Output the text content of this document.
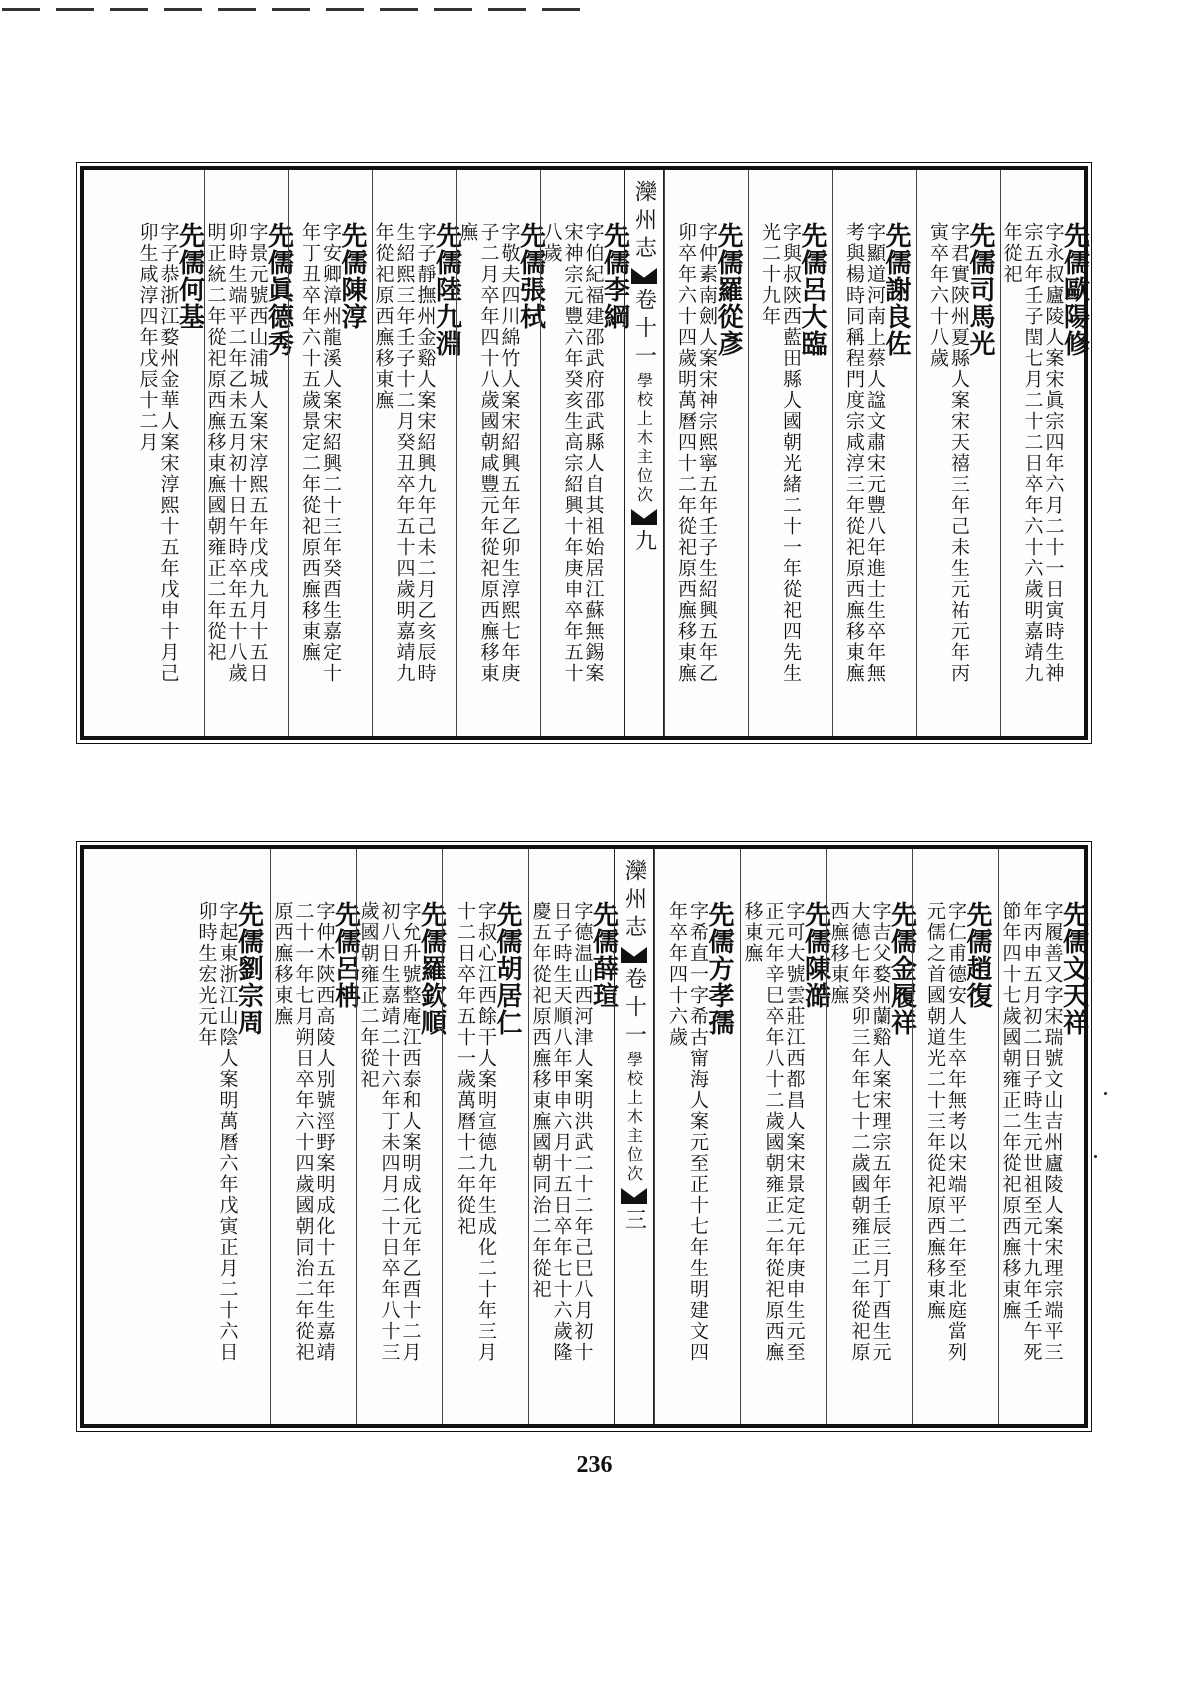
先儒歐陽修
字永叔廬陵人案宋眞宗四年六月二十一日寅時生神宗五年壬子閏七月二十二日卒年六十六歲明嘉靖九年從祀
先儒司馬光
字君實陝州夏縣人案宋天禧三年己未生元祐元年丙寅卒年六十八歲
先儒謝良佐
字顯道河南上蔡人諡文肅宋元豐八年進士生卒年無考與楊時同稱程門度宗咸淳三年從祀原西廡移東廡
先儒呂大臨
字與叔陝西藍田縣人國朝光緒二十一年從祀四先生光二十九年
先儒羅從彥
字仲素南劍人案宋神宗熙寧五年壬子生紹興五年乙卯卒年六十四歲明萬曆四十二年從祀原西廡移東廡
灤州志
卷十一
學校上
木主位次
九
先儒李綱
字伯紀福建邵武府邵武縣人自其祖始居江蘇無錫案宋神宗元豐六年癸亥生高宗紹興十年庚申卒年五十八歲
先儒張栻
字敬夫四川綿竹人案宋紹興五年乙卯生淳熙七年庚子二月卒年四十八歲國朝咸豐元年從祀原西廡移東廡
先儒陸九淵
字子靜撫州金谿人案宋紹興九年己未二月乙亥辰時生紹熙三年壬子十二月癸丑卒年五十四歲明嘉靖九年從祀原西廡移東廡
先儒陳淳
字安卿漳州龍溪人案宋紹興二十三年癸酉生嘉定十年丁丑卒年六十五歲景定二年從祀原西廡移東廡
先儒眞德秀
字景元號西山浦城人案宋淳熙五年戊戌九月十五日卯時生端平二年乙未五月初十日午時卒年五十八歲明正統二年從祀原西廡移東廡國朝雍正二年從祀
先儒何基
字子恭浙江婺州金華人案宋淳熙十五年戊申十月己卯生咸淳四年戊辰十二月
先儒文天祥
字履善又字宋瑞號文山吉州廬陵人案宋理宗端平三年丙申五月初二日子時生元世祖至元十九年壬午死節年四十七歲國朝雍正二年從祀原西廡移東廡
先儒趙復
字仁甫德安人生卒年無考以宋端平二年至北庭當列元儒之首國朝道光二十三年從祀原西廡移東廡
先儒金履祥
字吉父婺州蘭谿人案宋理宗五年壬辰三月丁酉生元大德七年癸卯三年年七十二歲國朝雍正二年從祀原西廡移東廡
先儒陳澔
字可大號雲莊江西都昌人案宋景定元年庚申生元至正元年辛巳卒年八十二歲國朝雍正二年從祀原西廡移東廡
先儒方孝孺
字希直一字希古甯海人案元至正十七年生明建文四年卒年四十六歲
灤州志
卷十一
學校上
木主位次
三
先儒薛瑄
字德温山西河津人案明洪武二十二年己巳八月初十日子時生天順八年甲申六月十五日卒年七十六歲隆慶五年從祀原西廡移東廡國朝同治二年從祀
先儒胡居仁
字叔心江西餘干人案明宣德九年生成化二十年三月十二日卒年五十一歲萬曆十二年從祀
先儒羅欽順
字允升號整庵江西泰和人案明成化元年乙酉十二月初八日生嘉靖二十六年丁未四月二十日卒年八十三歲國朝雍正二年從祀
先儒呂柟
字仲木陝西高陵人別號涇野案明成化十五年生嘉靖二十一年七月朔日卒年六十四歲國朝同治二年從祀原西廡移東廡
先儒劉宗周
字起東浙江山陰人案明萬曆六年戊寅正月二十六日卯時生宏光元年
236
